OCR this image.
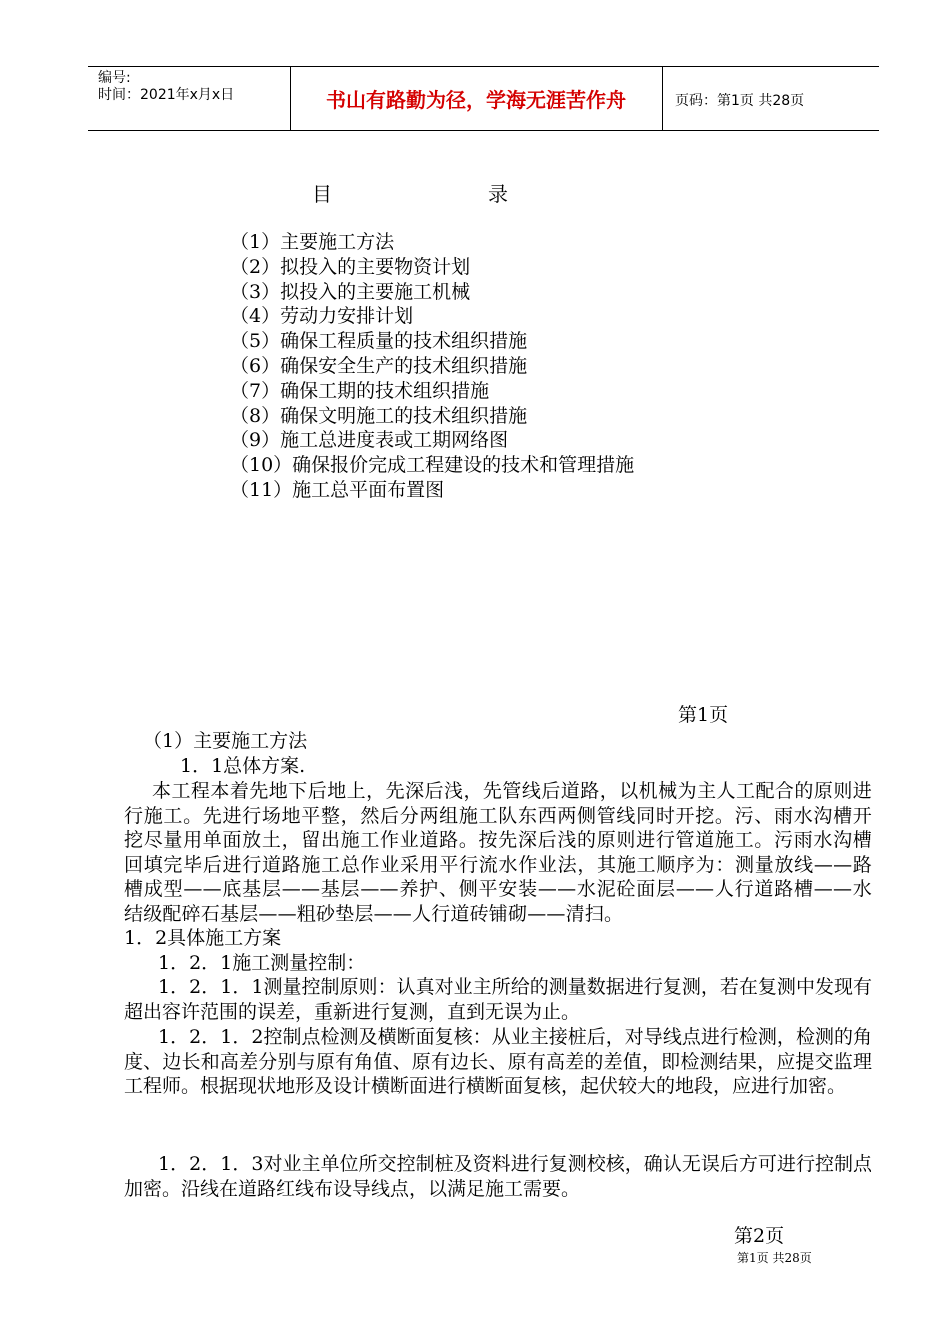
编号:
时间：2021年x月x日	书山有路勤为径，学海无涯苦作舟	页码：第1页 共28页
目	录
（1）主要施工方法
（2）拟投入的主要物资计划
（3）拟投入的主要施工机械
（4）劳动力安排计划
（5）确保工程质量的技术组织措施
（6）确保安全生产的技术组织措施
（7）确保工期的技术组织措施
（8）确保文明施工的技术组织措施
（9）施工总进度表或工期网络图
（10）确保报价完成工程建设的技术和管理措施
（11）施工总平面布置图
第1页
（1）主要施工方法
1．1总体方案.

本工程本着先地下后地上，先深后浅，先管线后道路，以机械为主人工配合的原则进行施工。先进行场地平整，然后分两组施工队东西两侧管线同时开挖。污、雨水沟槽开挖尽量用单面放土，留出施工作业道路。按先深后浅的原则进行管道施工。污雨水沟槽回填完毕后进行道路施工总作业采用平行流水作业法，其施工顺序为：测量放线——路槽成型——底基层——基层——养护、侧平安装——水泥砼面层——人行道路槽——水结级配碎石基层——粗砂垫层——人行道砖铺砌——清扫。

1．2具体施工方案
1．2．1施工测量控制：

1．2．1．1测量控制原则：认真对业主所给的测量数据进行复测，若在复测中发现有超出容许范围的误差，重新进行复测，直到无误为止。

1．2．1．2控制点检测及横断面复核：从业主接桩后，对导线点进行检测，检测的角度、边长和高差分别与原有角值、原有边长、原有高差的差值，即检测结果，应提交监理工程师。根据现状地形及设计横断面进行横断面复核，起伏较大的地段，应进行加密。

1．2．1．3对业主单位所交控制桩及资料进行复测校核，确认无误后方可进行控制点加密。沿线在道路红线布设导线点，以满足施工需要。

第2页
第1页 共28页
